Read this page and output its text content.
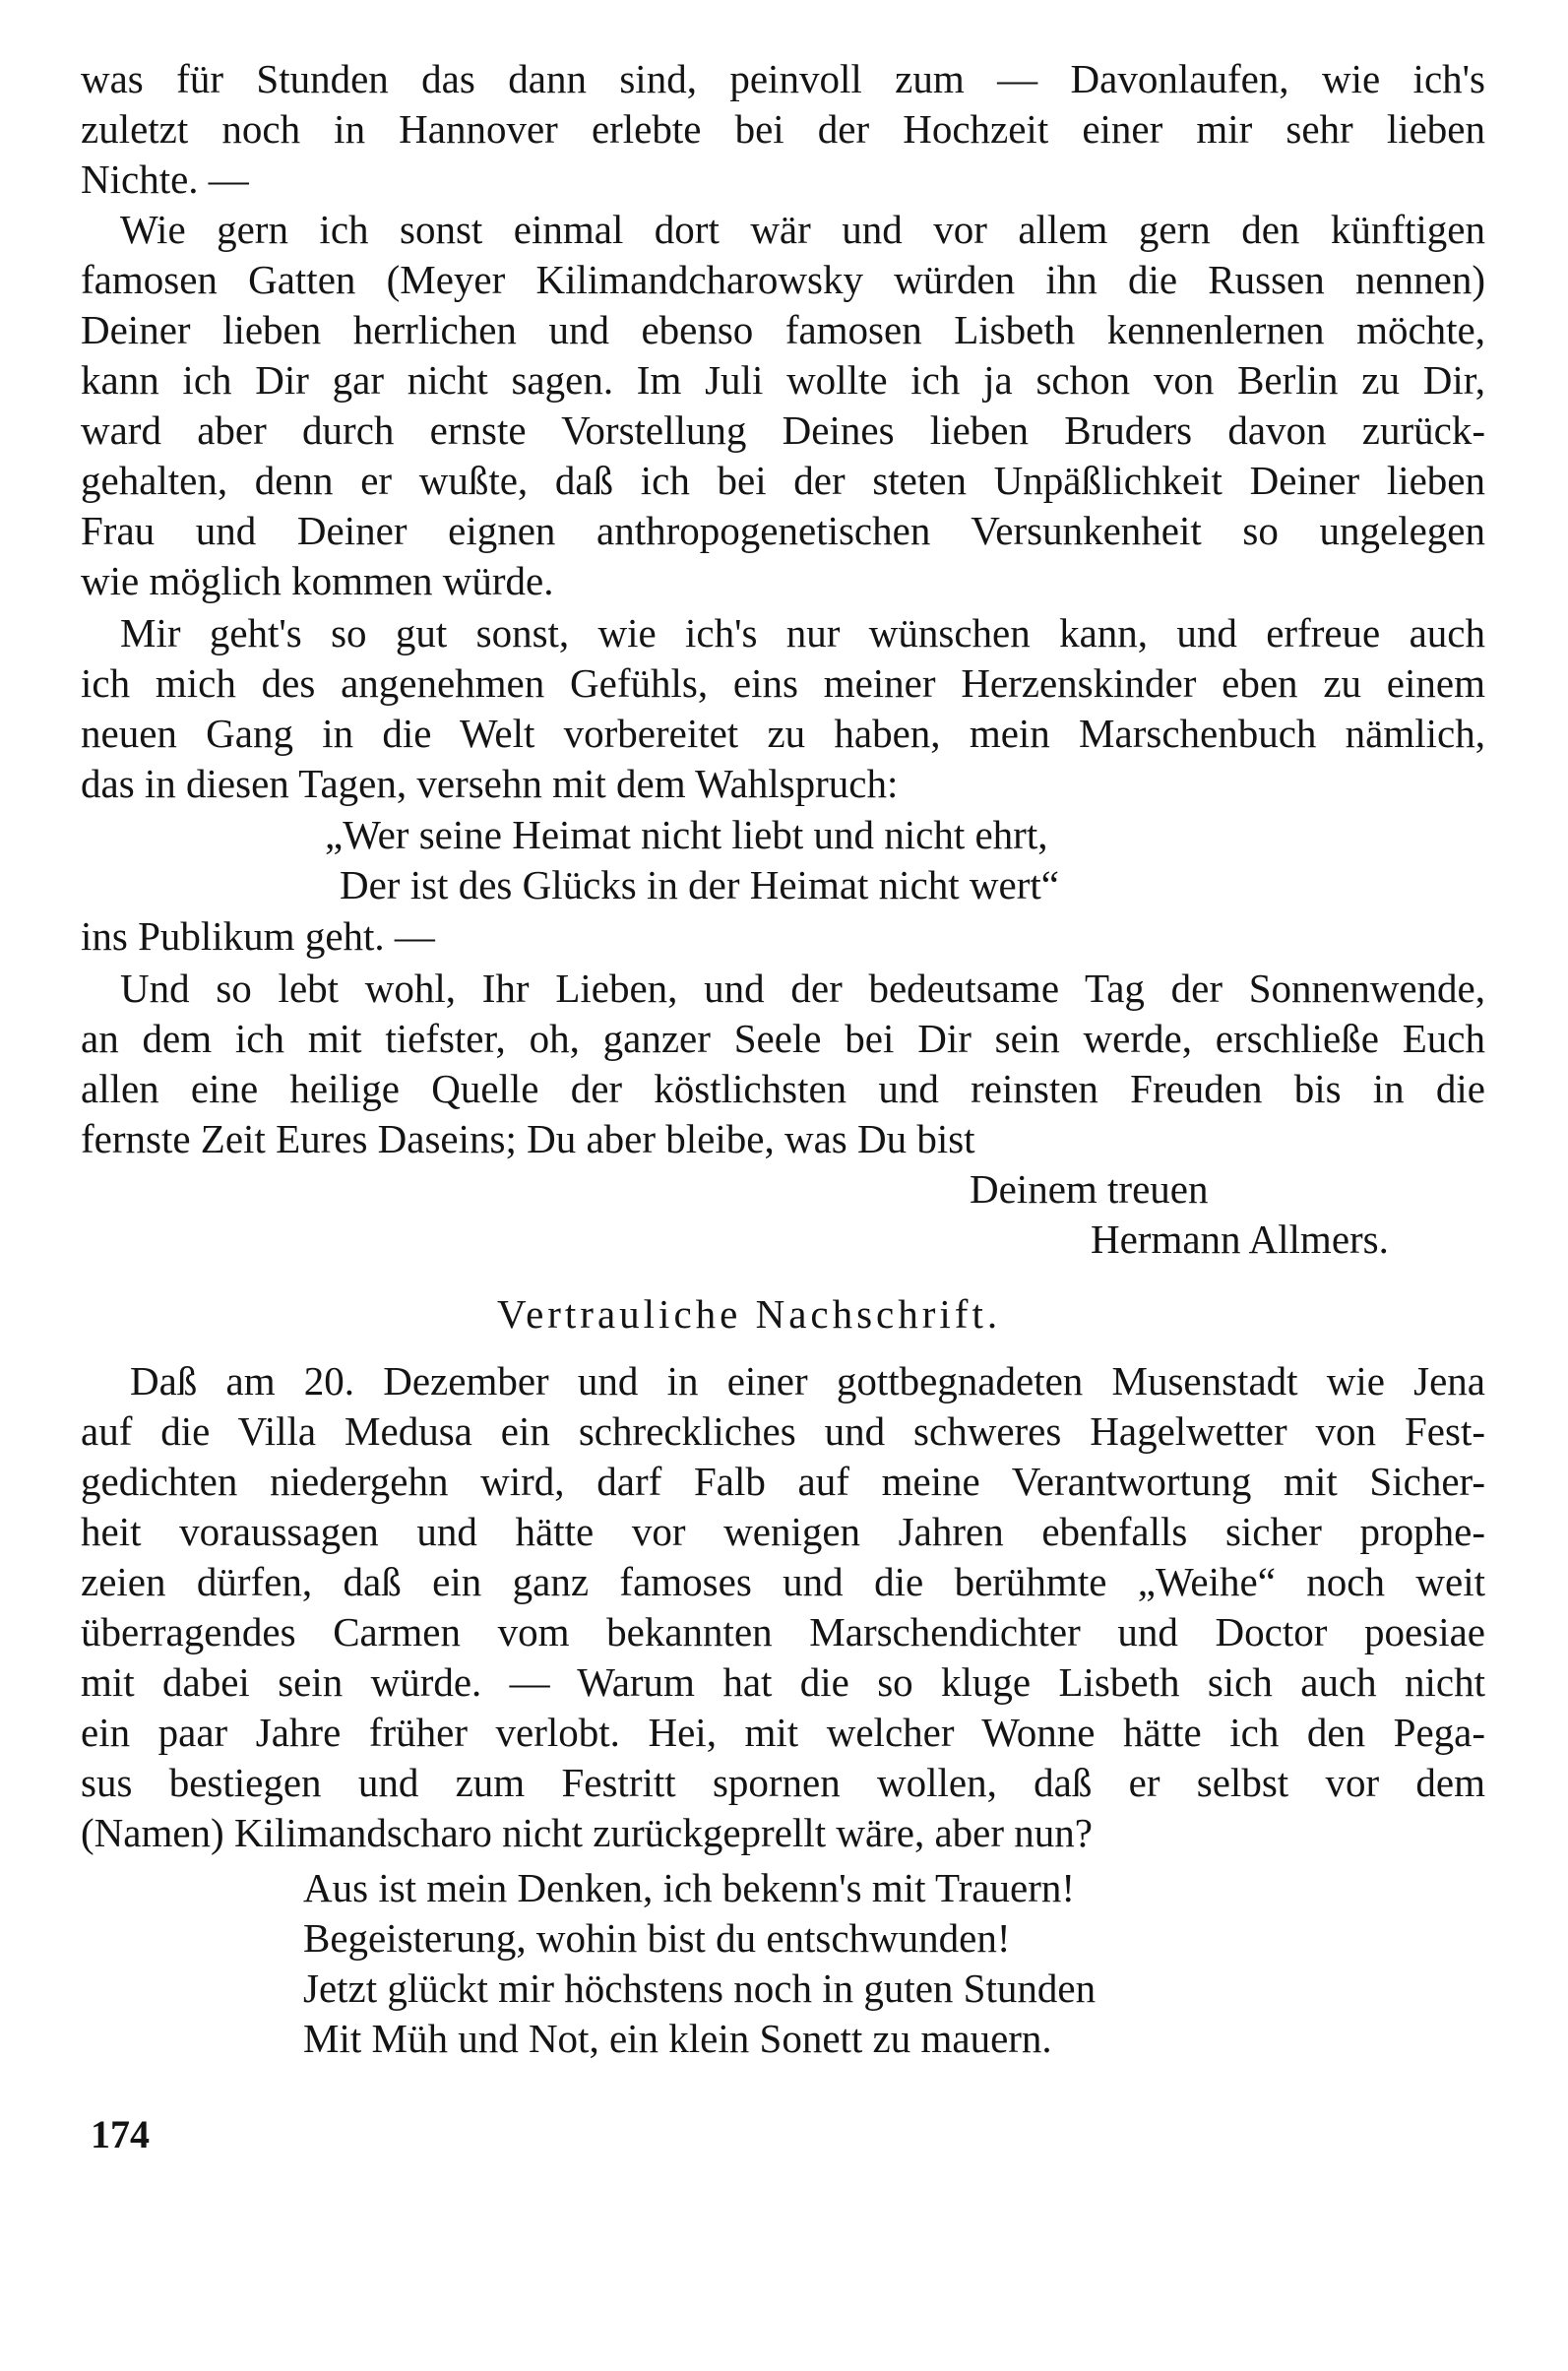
was für Stunden das dann sind, peinvoll zum — Davonlaufen, wie ich's
zuletzt noch in Hannover erlebte bei der Hochzeit einer mir sehr lieben
Nichte. —
Wie gern ich sonst einmal dort wär und vor allem gern den künftigen
famosen Gatten (Meyer Kilimandcharowsky würden ihn die Russen nennen)
Deiner lieben herrlichen und ebenso famosen Lisbeth kennenlernen möchte,
kann ich Dir gar nicht sagen. Im Juli wollte ich ja schon von Berlin zu Dir,
ward aber durch ernste Vorstellung Deines lieben Bruders davon zurück-
gehalten, denn er wußte, daß ich bei der steten Unpäßlichkeit Deiner lieben
Frau und Deiner eignen anthropogenetischen Versunkenheit so ungelegen
wie möglich kommen würde.
Mir geht's so gut sonst, wie ich's nur wünschen kann, und erfreue auch
ich mich des angenehmen Gefühls, eins meiner Herzenskinder eben zu einem
neuen Gang in die Welt vorbereitet zu haben, mein Marschenbuch nämlich,
das in diesen Tagen, versehn mit dem Wahlspruch:
„Wer seine Heimat nicht liebt und nicht ehrt,
Der ist des Glücks in der Heimat nicht wert“
ins Publikum geht. —
Und so lebt wohl, Ihr Lieben, und der bedeutsame Tag der Sonnenwende,
an dem ich mit tiefster, oh, ganzer Seele bei Dir sein werde, erschließe Euch
allen eine heilige Quelle der köstlichsten und reinsten Freuden bis in die
fernste Zeit Eures Daseins; Du aber bleibe, was Du bist
Deinem treuen
Hermann Allmers.
Vertrauliche Nachschrift.
Daß am 20. Dezember und in einer gottbegnadeten Musenstadt wie Jena
auf die Villa Medusa ein schreckliches und schweres Hagelwetter von Fest-
gedichten niedergehn wird, darf Falb auf meine Verantwortung mit Sicher-
heit voraussagen und hätte vor wenigen Jahren ebenfalls sicher prophe-
zeien dürfen, daß ein ganz famoses und die berühmte „Weihe“ noch weit
überragendes Carmen vom bekannten Marschendichter und Doctor poesiae
mit dabei sein würde. — Warum hat die so kluge Lisbeth sich auch nicht
ein paar Jahre früher verlobt. Hei, mit welcher Wonne hätte ich den Pega-
sus bestiegen und zum Festritt spornen wollen, daß er selbst vor dem
(Namen) Kilimandscharo nicht zurückgeprellt wäre, aber nun?
Aus ist mein Denken, ich bekenn's mit Trauern!
Begeisterung, wohin bist du entschwunden!
Jetzt glückt mir höchstens noch in guten Stunden
Mit Müh und Not, ein klein Sonett zu mauern.
174
